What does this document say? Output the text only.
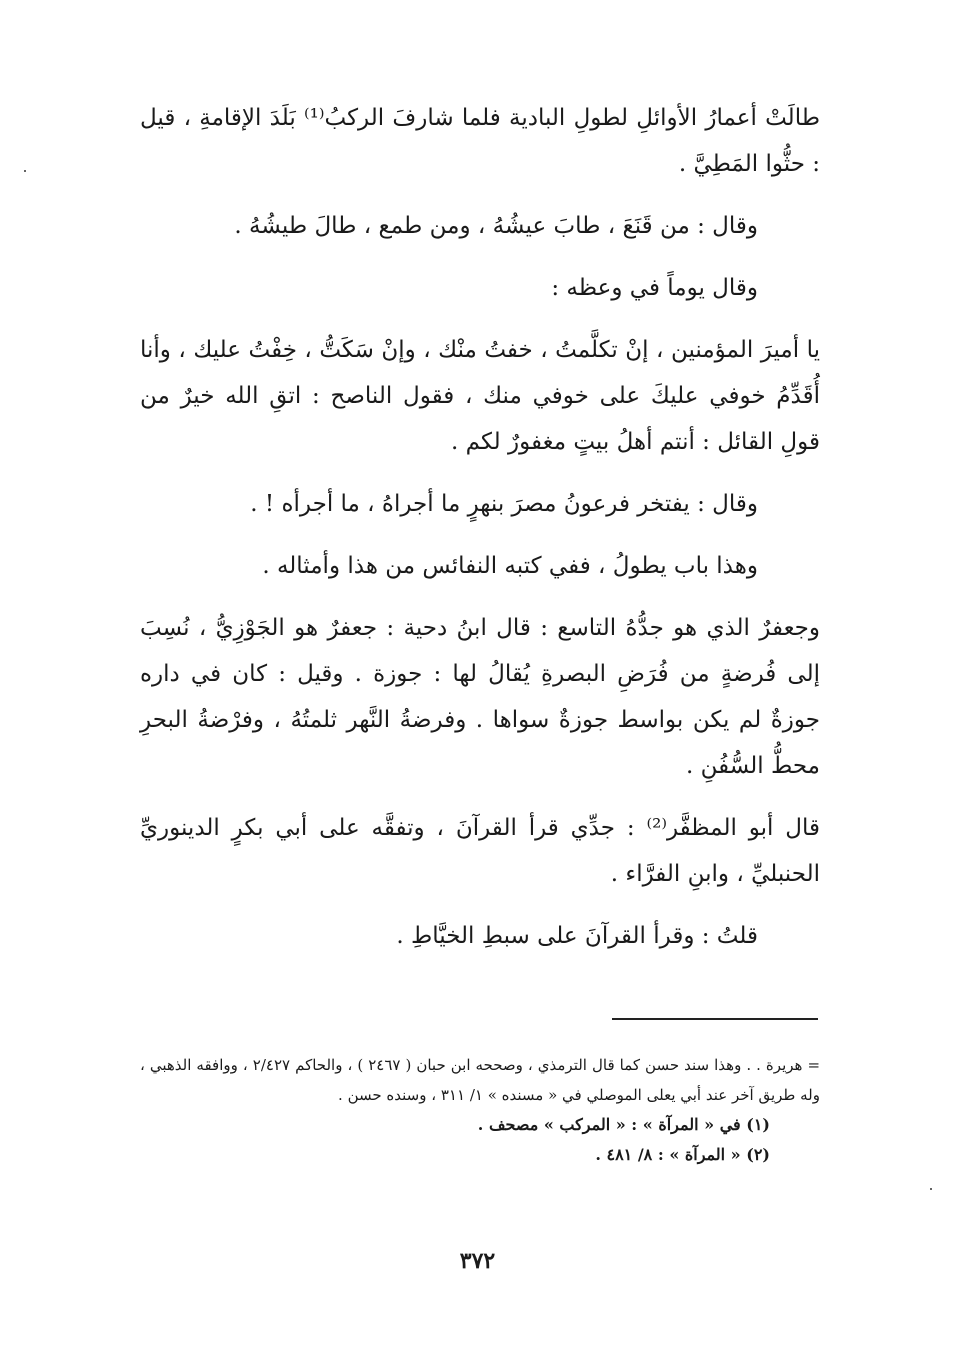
طالَتْ أعمارُ الأوائلِ لطولِ البادية فلما شارفَ الركبُ⁽¹⁾ بَلَدَ الإقامةِ ، قيل : حثُّوا المَطِيَّ .

وقال : من قَنَعَ ، طابَ عيشُهُ ، ومن طمع ، طالَ طيشُهُ .

وقال يوماً في وعظه :

يا أميرَ المؤمنين ، إنْ تكلَّمتُ ، خفتُ منْك ، وإنْ سَكَتُّ ، خِفْتُ عليك ، وأنا أُقَدِّمُ خوفي عليكَ على خوفي منك ، فقول الناصح : اتقِ الله خيرٌ من قولِ القائل : أنتم أهلُ بيتٍ مغفورٌ لكم .

وقال : يفتخر فرعونُ مصرَ بنهرٍ ما أجراهُ ، ما أجرأه ! .

وهذا باب يطولُ ، ففي كتبه النفائس من هذا وأمثاله .

وجعفرٌ الذي هو جدُّهُ التاسع : قال ابنُ دحية : جعفرٌ هو الجَوْزِيُّ ، نُسِبَ إلى فُرضةٍ من فُرَضِ البصرةِ يُقالُ لها : جوزة . وقيل : كان في داره جوزةٌ لم يكن بواسط جوزةٌ سواها . وفرضةُ النَّهر ثلمتُهُ ، وفرْضةُ البحرِ محطُّ السُّفُنِ .

قال أبو المظفَّر⁽²⁾ : جدِّي قرأ القرآنَ ، وتفقَّه على أبي بكرٍ الدينوريِّ الحنبليِّ ، وابنِ الفرَّاء .

قلتُ : وقرأ القرآنَ على سبطِ الخيَّاطِ .

= هريرة . . وهذا سند حسن كما قال الترمذي ، وصححه ابن حبان ( ٢٤٦٧ ) ، والحاكم ٢/٤٢٧ ، ووافقه الذهبي ، وله طريق آخر عند أبي يعلى الموصلي في « مسنده » ١/ ٣١١ ، وسنده حسن .

(١) في « المرآة » : « المركب » مصحف .

(٢) « المرآة » : ٨/ ٤٨١ .

٣٧٢
